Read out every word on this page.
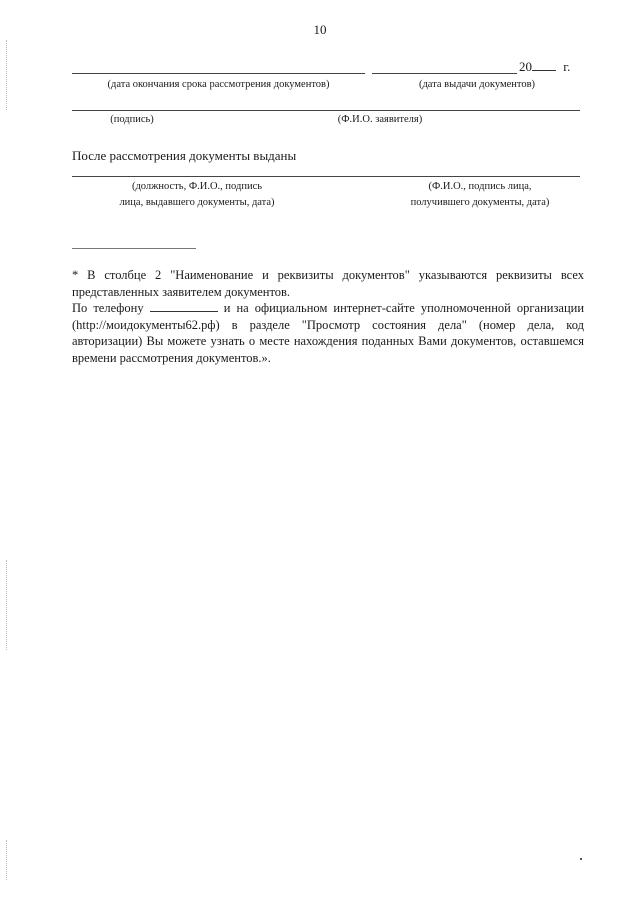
10
20 г.
(дата окончания срока рассмотрения документов)	(дата выдачи документов)
(подпись)	(Ф.И.О. заявителя)
После рассмотрения документы выданы
(должность, Ф.И.О., подпись
лица, выдавшего документы, дата)
(Ф.И.О., подпись лица,
получившего документы, дата)

* В столбце 2 "Наименование и реквизиты документов" указываются реквизиты всех представленных заявителем документов.

По телефону	и на официальном интернет-сайте уполномоченной организации (http://моидокументы62.рф) в разделе "Просмотр состояния дела" (номер дела, код авторизации) Вы можете узнать о месте нахождения поданных Вами документов, оставшемся времени рассмотрения документов.».
